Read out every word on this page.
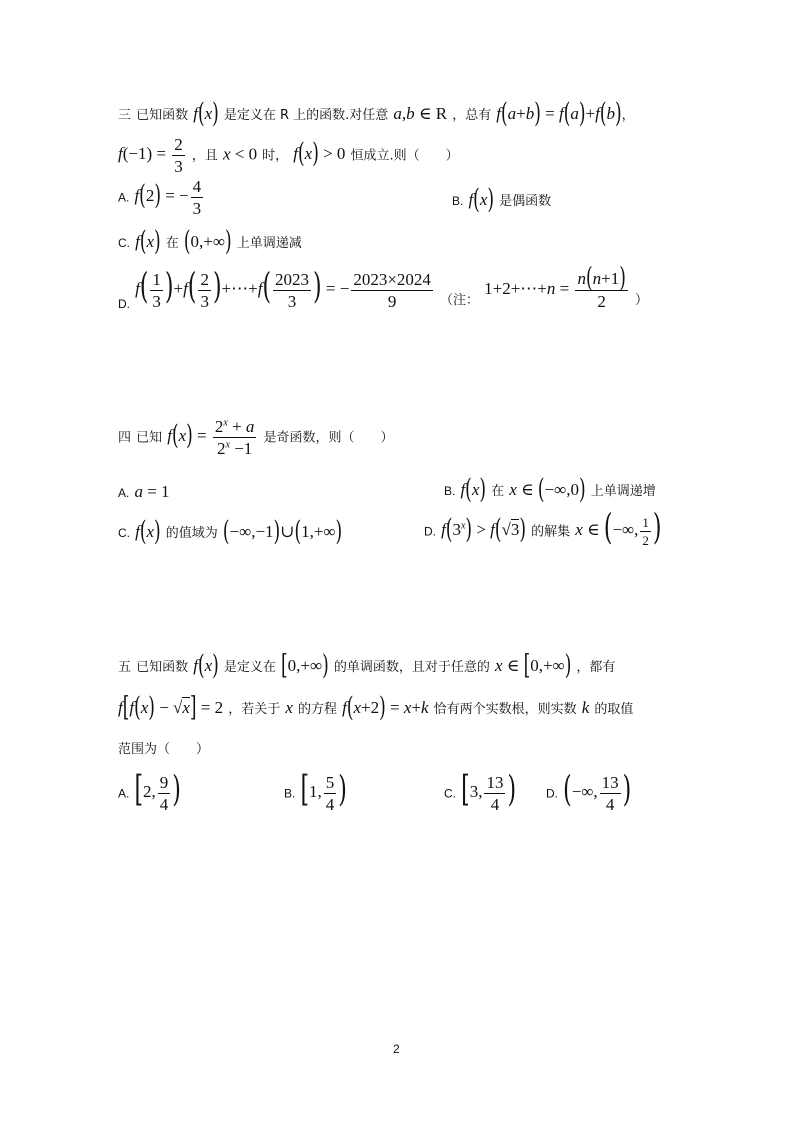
三 已知函数 f(x) 是定义在 R 上的函数.对任意 a,b ∈ R ，总有 f(a+b) = f(a)+f(b)，
$f(-1) = \frac{2}{3}$ ，且 x < 0 时， f(x) > 0 恒成立.则（　　）
A. f(2) = − $\frac{4}{3}$	B. f(x) 是偶函数
C. f(x) 在 (0,+∞) 上单调递减
$_{D.}$ $f( \frac{1}{3} )+f( \frac{2}{3}$ )+⋯+f( $\frac{2023}{3}$ ) = − $\frac{2023\times 2024}{9} _{(注:}$ 1+2+⋯+n = $\frac{n(n+1)}{2} _)$
四 已知 $f(x) = \frac{2^x + a}{2^x -1}$ 是奇函数，则（　　）
A. a = 1	B. f(x) 在 x ∈ (−∞,0) 上单调递增
C. f(x) 的值域为 (−∞,−1)∪(1,+∞)	D. $f(3^x) > f(√3)$ 的解集 x ∈ (−∞, $\frac{1}{2}$ )
五 已知函数 f(x) 是定义在 [0,+∞) 的单调函数，且对于任意的 x ∈ [0,+∞) ，都有
f[f(x) − √x] = 2 ，若关于 x 的方程 f(x+2) = x+k 恰有两个实数根，则实数 k 的取值
范围为（　　）
A. [2, $\frac{9}{4}$ )	B. [1, $\frac{5}{4}$ )	C. [3, $\frac{13}{4}$ ) D. (−∞, $\frac{13}{4}$ )
2
